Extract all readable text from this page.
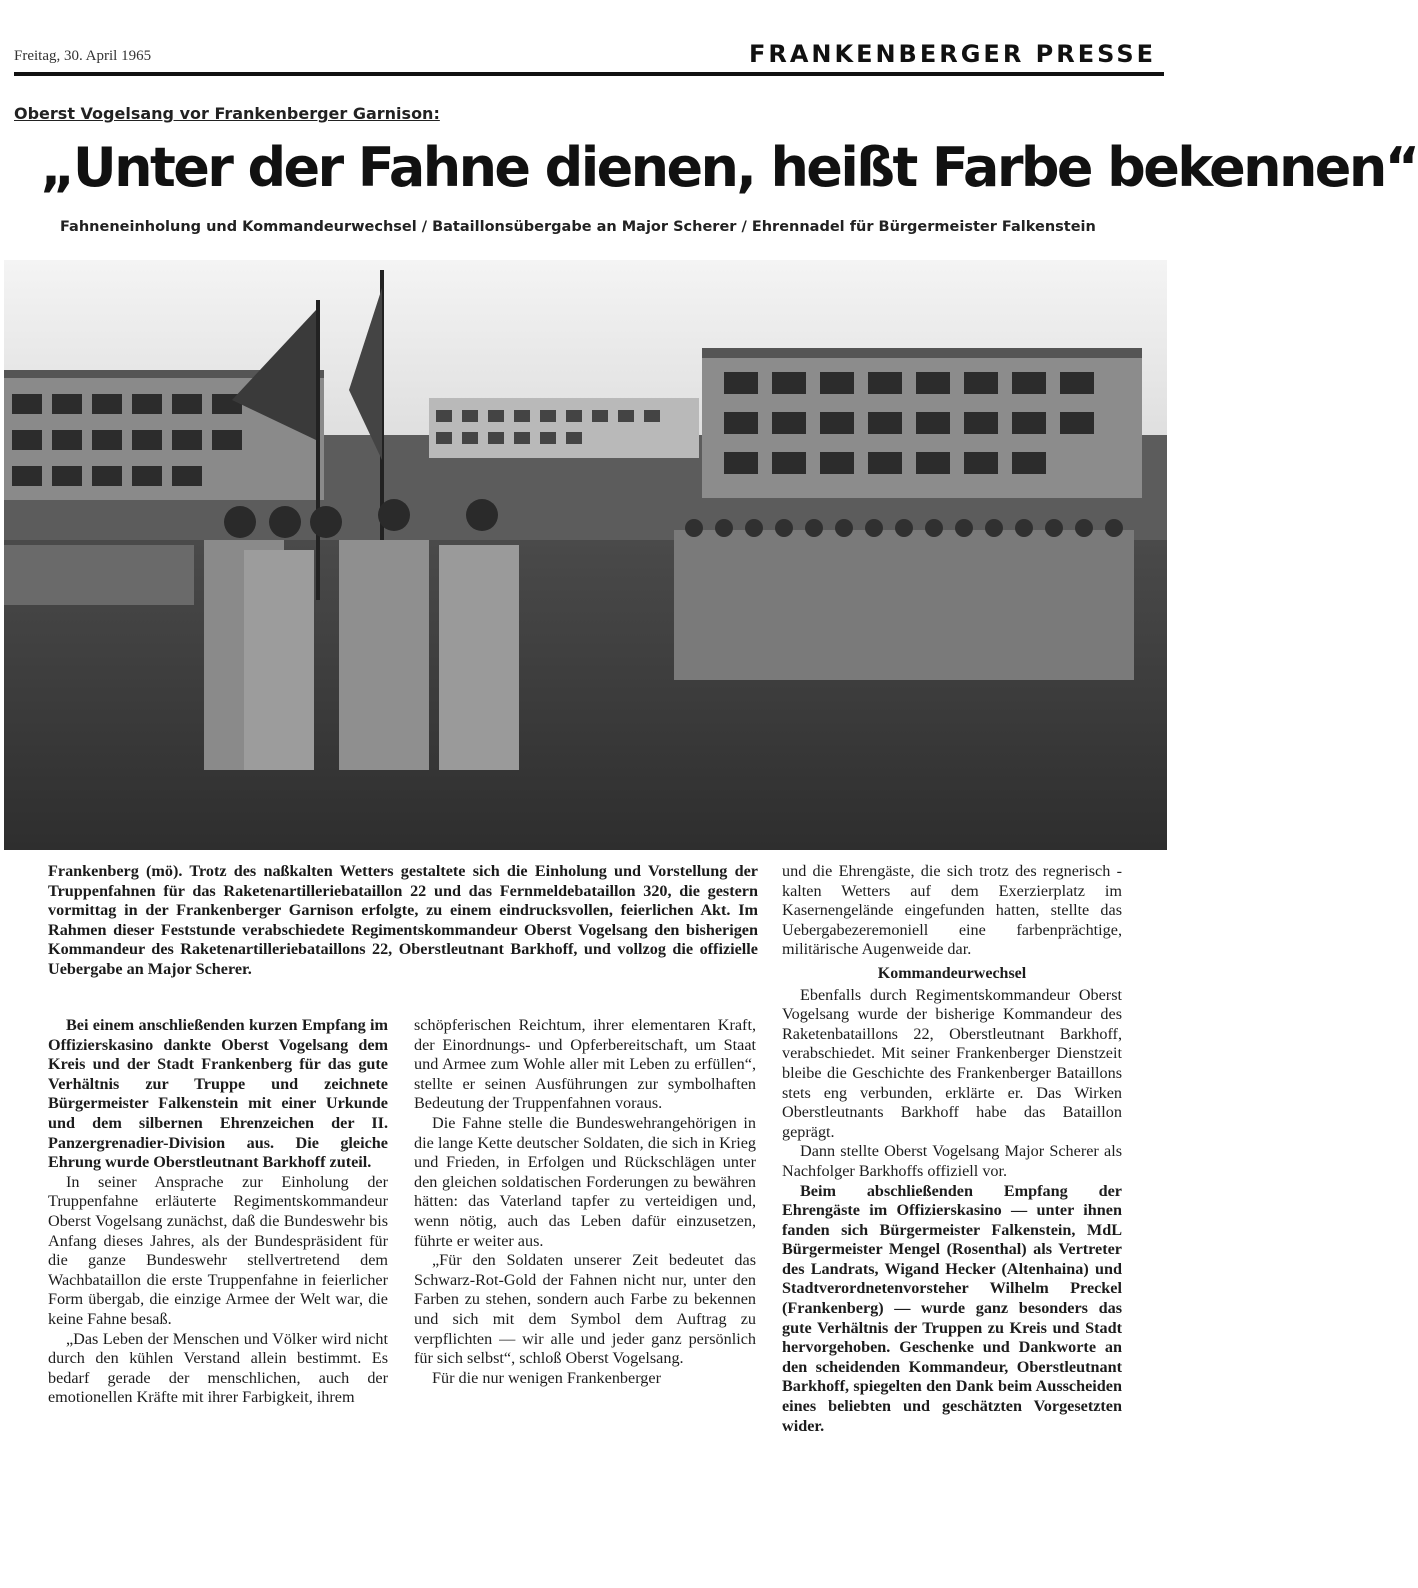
Freitag, 30. April 1965	FRANKENBERGER PRESSE
Oberst Vogelsang vor Frankenberger Garnison:
„Unter der Fahne dienen, heißt Farbe bekennen“
Fahneneinholung und Kommandeurwechsel / Bataillonsübergabe an Major Scherer / Ehrennadel für Bürgermeister Falkenstein
Frankenberg (mö). Trotz des naßkalten Wetters gestaltete sich die Einholung und Vorstellung der Truppenfahnen für das Raketenartilleriebataillon 22 und das Fernmeldebataillon 320, die gestern vormittag in der Frankenberger Garnison erfolgte, zu einem eindrucksvollen, feierlichen Akt. Im Rahmen dieser Feststunde verabschiedete Regimentskommandeur Oberst Vogelsang den bisherigen Kommandeur des Raketenartilleriebataillons 22, Oberstleutnant Barkhoff, und vollzog die offizielle Uebergabe an Major Scherer.

Bei einem anschließenden kurzen Empfang im Offizierskasino dankte Oberst Vogelsang dem Kreis und der Stadt Frankenberg für das gute Verhältnis zur Truppe und zeichnete Bürgermeister Falkenstein mit einer Urkunde und dem silbernen Ehrenzeichen der II. Panzergrenadier-Division aus. Die gleiche Ehrung wurde Oberstleutnant Barkhoff zuteil.

In seiner Ansprache zur Einholung der Truppenfahne erläuterte Regimentskommandeur Oberst Vogelsang zunächst, daß die Bundeswehr bis Anfang dieses Jahres, als der Bundespräsident für die ganze Bundeswehr stellvertretend dem Wachbataillon die erste Truppenfahne in feierlicher Form übergab, die einzige Armee der Welt war, die keine Fahne besaß.

„Das Leben der Menschen und Völker wird nicht durch den kühlen Verstand allein bestimmt. Es bedarf gerade der menschlichen, auch der emotionellen Kräfte mit ihrer Farbigkeit, ihrem

schöpferischen Reichtum, ihrer elementaren Kraft, der Einordnungs- und Opferbereitschaft, um Staat und Armee zum Wohle aller mit Leben zu erfüllen“, stellte er seinen Ausführungen zur symbolhaften Bedeutung der Truppenfahnen voraus.

Die Fahne stelle die Bundeswehrangehörigen in die lange Kette deutscher Soldaten, die sich in Krieg und Frieden, in Erfolgen und Rückschlägen unter den gleichen soldatischen Forderungen zu bewähren hätten: das Vaterland tapfer zu verteidigen und, wenn nötig, auch das Leben dafür einzusetzen, führte er weiter aus.

„Für den Soldaten unserer Zeit bedeutet das Schwarz-Rot-Gold der Fahnen nicht nur, unter den Farben zu stehen, sondern auch Farbe zu bekennen und sich mit dem Symbol dem Auftrag zu verpflichten — wir alle und jeder ganz persönlich für sich selbst“, schloß Oberst Vogelsang.

Für die nur wenigen Frankenberger

und die Ehrengäste, die sich trotz des regnerisch - kalten Wetters auf dem Exerzierplatz im Kasernengelände eingefunden hatten, stellte das Uebergabezeremoniell eine farbenprächtige, militärische Augenweide dar.

Kommandeurwechsel

Ebenfalls durch Regimentskommandeur Oberst Vogelsang wurde der bisherige Kommandeur des Raketenbataillons 22, Oberstleutnant Barkhoff, verabschiedet. Mit seiner Frankenberger Dienstzeit bleibe die Geschichte des Frankenberger Bataillons stets eng verbunden, erklärte er. Das Wirken Oberstleutnants Barkhoff habe das Bataillon geprägt.

Dann stellte Oberst Vogelsang Major Scherer als Nachfolger Barkhoffs offiziell vor.

Beim abschließenden Empfang der Ehrengäste im Offizierskasino — unter ihnen fanden sich Bürgermeister Falkenstein, MdL Bürgermeister Mengel (Rosenthal) als Vertreter des Landrats, Wigand Hecker (Altenhaina) und Stadtverordnetenvorsteher Wilhelm Preckel (Frankenberg) — wurde ganz besonders das gute Verhältnis der Truppen zu Kreis und Stadt hervorgehoben. Geschenke und Dankworte an den scheidenden Kommandeur, Oberstleutnant Barkhoff, spiegelten den Dank beim Ausscheiden eines beliebten und geschätzten Vorgesetzten wider.
